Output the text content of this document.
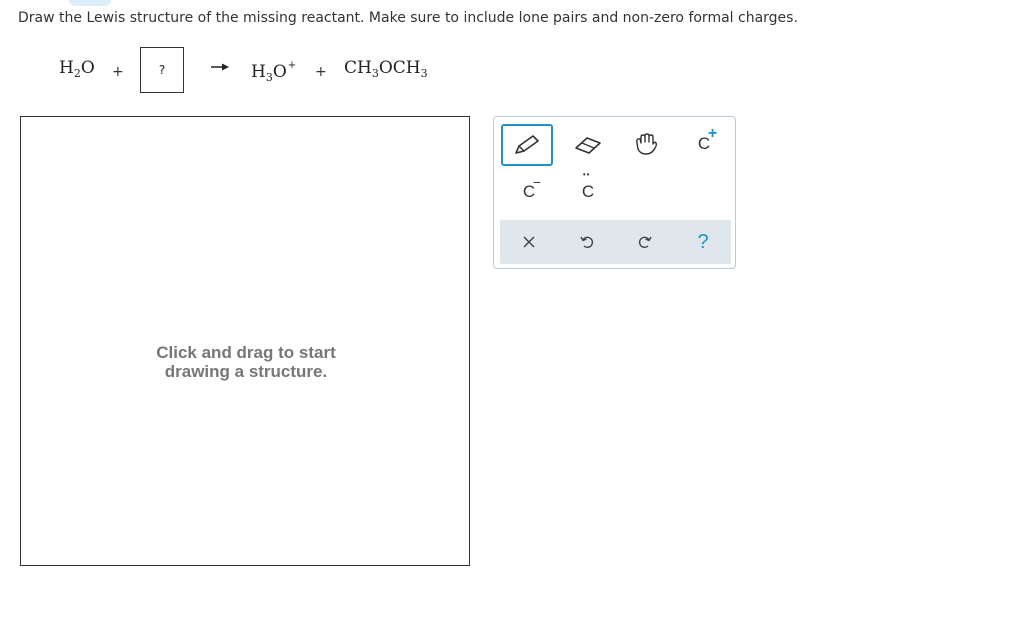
Draw the Lewis structure of the missing reactant. Make sure to include lone pairs and non-zero formal charges.
$H_2O$ +	?	→ $H_3O^+ + CH_3OCH_3$
Click and drag to start
drawing a structure.
C
+
C
− C
••
?
